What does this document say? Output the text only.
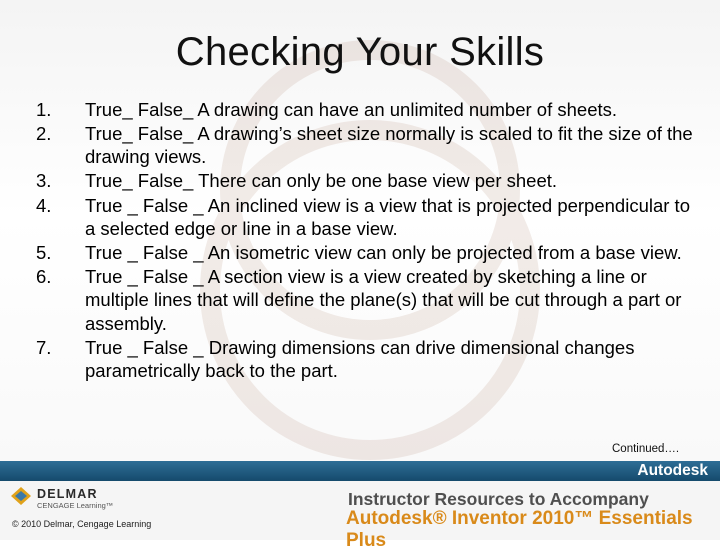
Checking Your Skills
1.	True_ False_ A drawing can have an unlimited number of sheets.
2.	True_ False_ A drawing’s sheet size normally is scaled to fit the size of the drawing views.
3.	True_ False_ There can only be one base view per sheet.
4.	True _ False _ An inclined view is a view that is projected perpendicular to a selected edge or line in a base view.
5.	True _ False _ An isometric view can only be projected from a base view.
6.	True _ False _ A section view is a view created by sketching a line or multiple lines that will define the plane(s) that will be cut through a part or assembly.
7.	True _ False _ Drawing dimensions can drive dimensional changes parametrically back to the part.
Continued….
Autodesk
DELMAR
CENGAGE Learning™
© 2010 Delmar, Cengage Learning
Instructor Resources to Accompany
Autodesk® Inventor 2010™ Essentials Plus
